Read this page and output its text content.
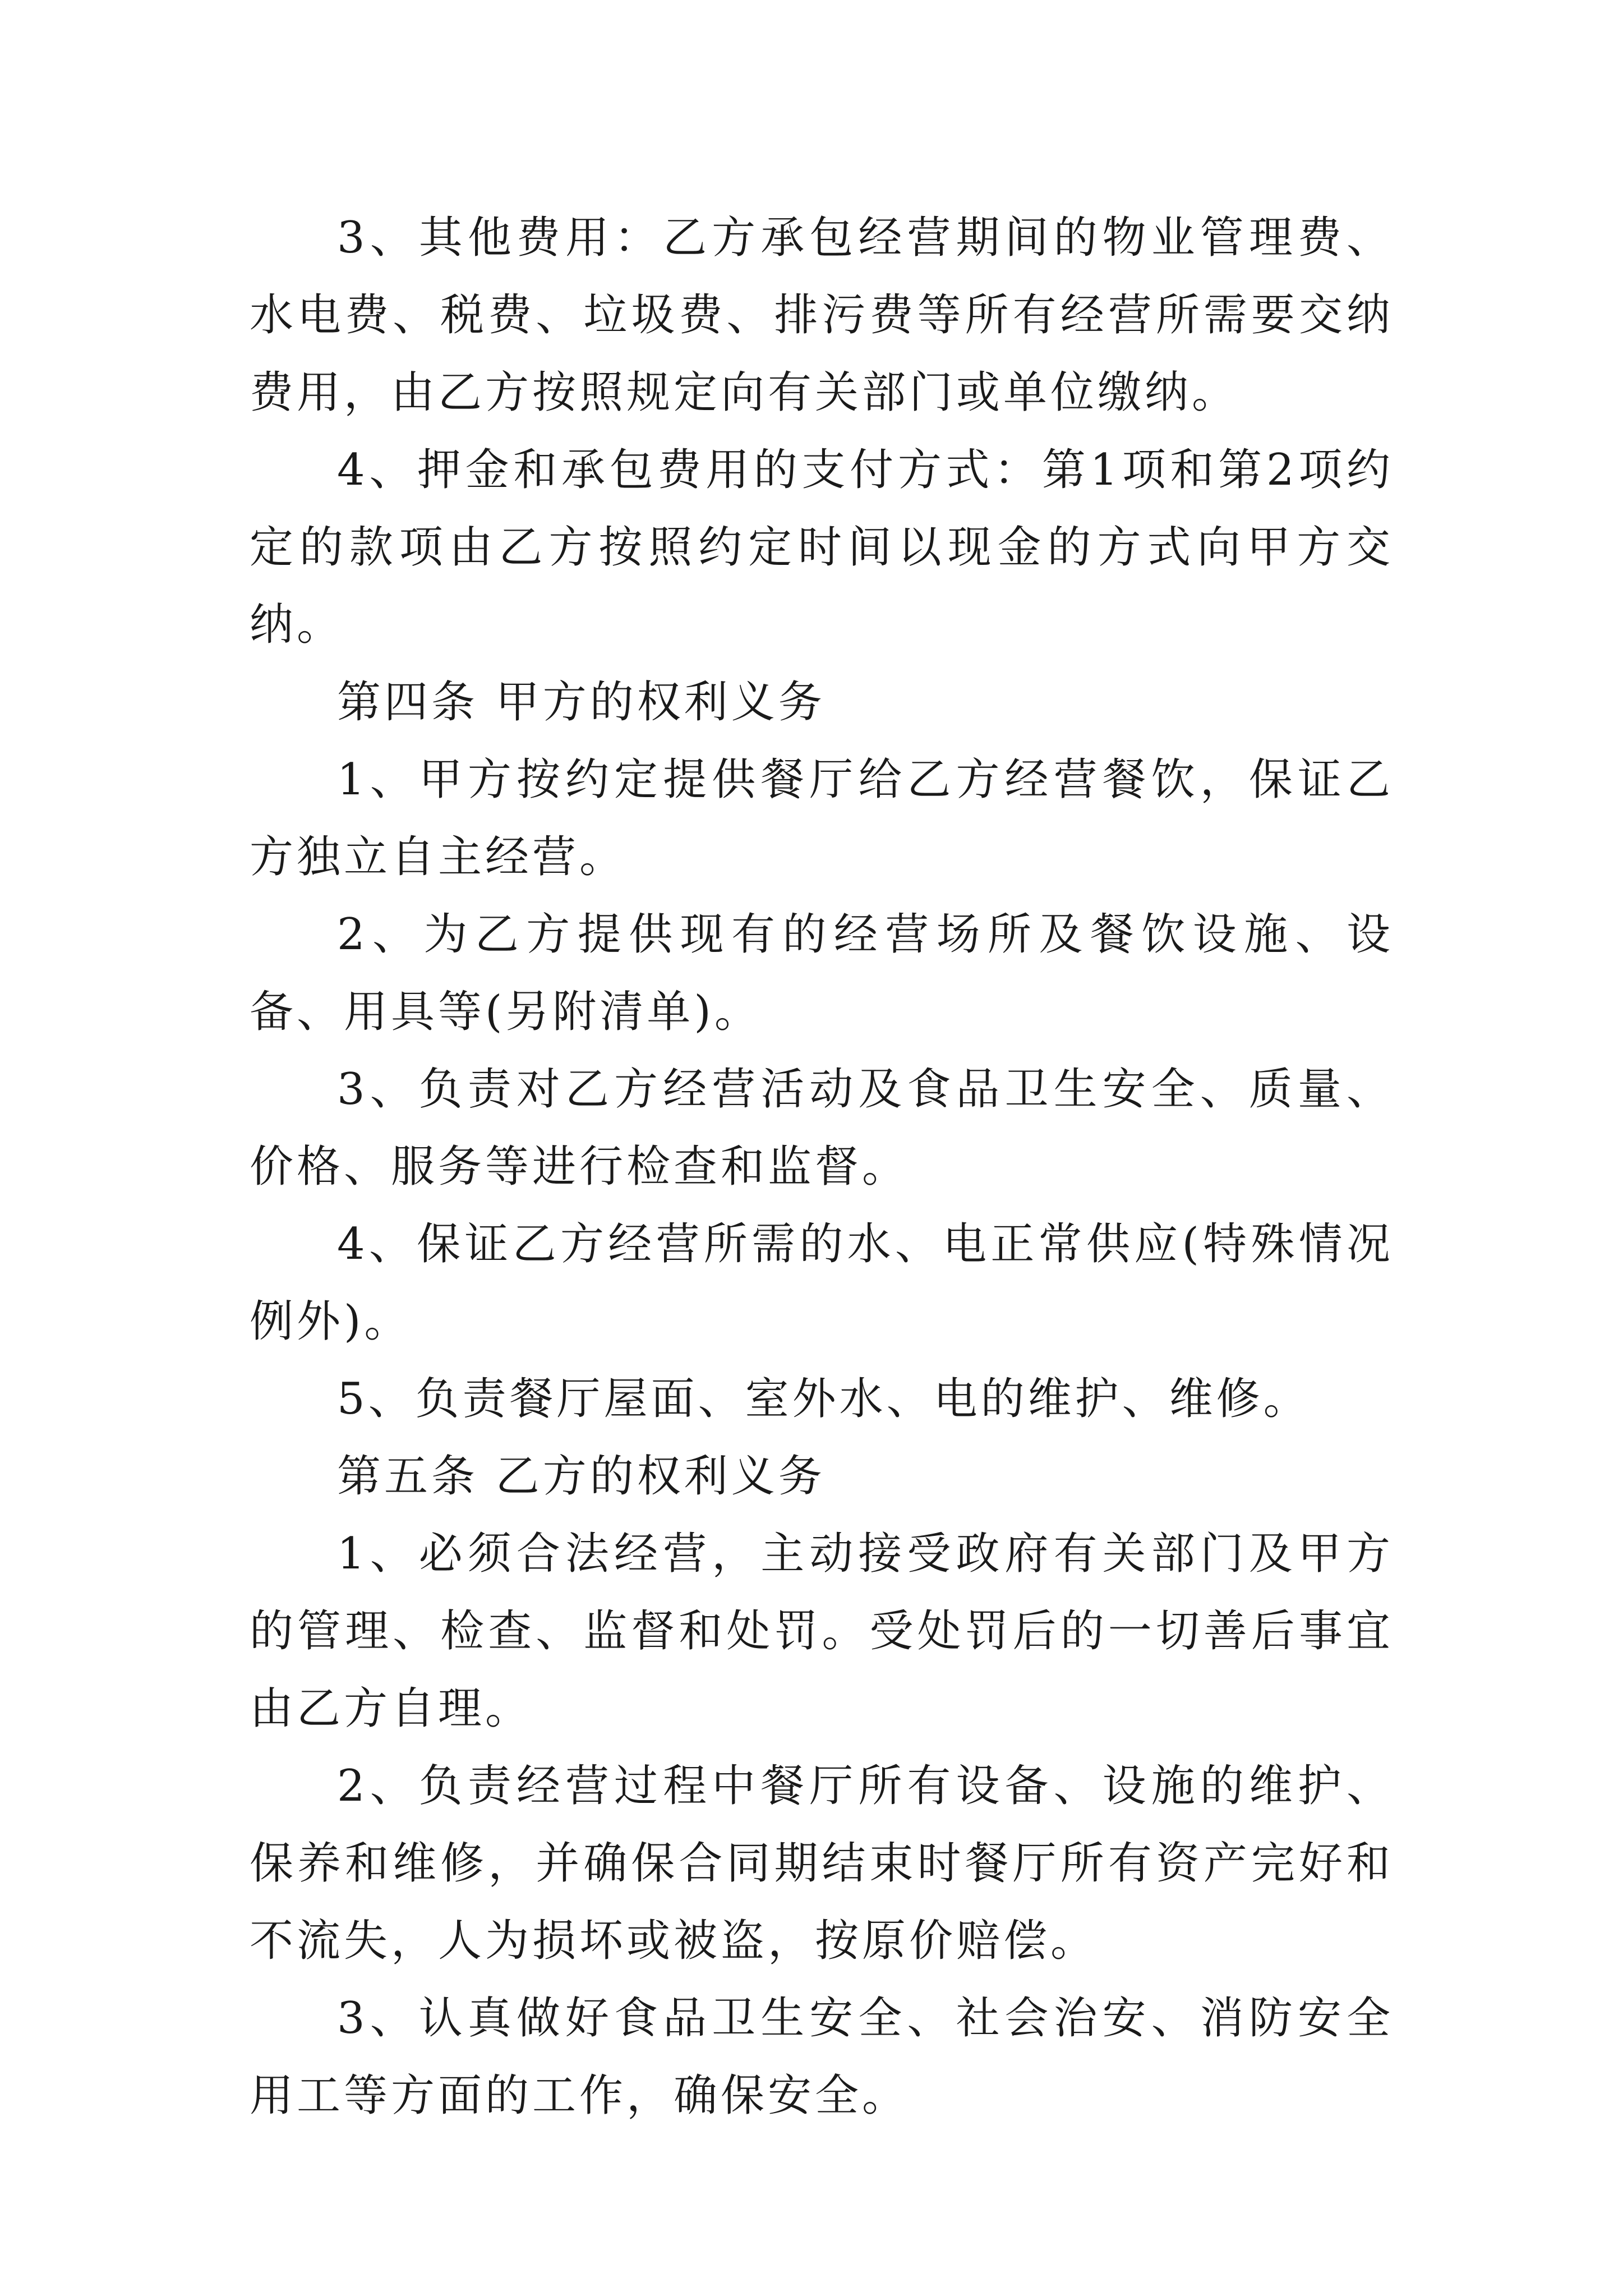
3、其他费用：乙方承包经营期间的物业管理费、水电费、税费、垃圾费、排污费等所有经营所需要交纳费用，由乙方按照规定向有关部门或单位缴纳。

4、押金和承包费用的支付方式：第1项和第2项约定的款项由乙方按照约定时间以现金的方式向甲方交纳。

第四条 甲方的权利义务

1、甲方按约定提供餐厅给乙方经营餐饮，保证乙方独立自主经营。

2、为乙方提供现有的经营场所及餐饮设施、设备、用具等(另附清单)。

3、负责对乙方经营活动及食品卫生安全、质量、价格、服务等进行检查和监督。

4、保证乙方经营所需的水、电正常供应(特殊情况例外)。

5、负责餐厅屋面、室外水、电的维护、维修。

第五条 乙方的权利义务

1、必须合法经营，主动接受政府有关部门及甲方的管理、检查、监督和处罚。受处罚后的一切善后事宜由乙方自理。

2、负责经营过程中餐厅所有设备、设施的维护、保养和维修，并确保合同期结束时餐厅所有资产完好和不流失，人为损坏或被盗，按原价赔偿。

3、认真做好食品卫生安全、社会治安、消防安全用工等方面的工作，确保安全。
